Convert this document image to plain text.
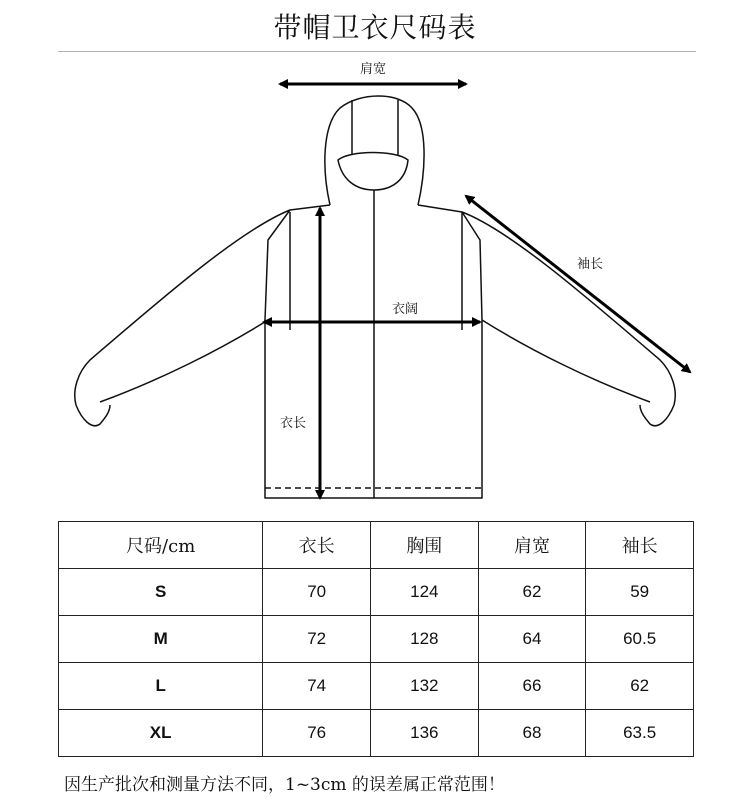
带帽卫衣尺码表
肩宽
袖长
衣阔
衣长
尺码/cm	衣长	胸围	肩宽	袖长
S	70	124	62	59
M	72	128	64	60.5
L	74	132	66	62
XL	76	136	68	63.5
因生产批次和测量方法不同，1~3cm 的误差属正常范围！
